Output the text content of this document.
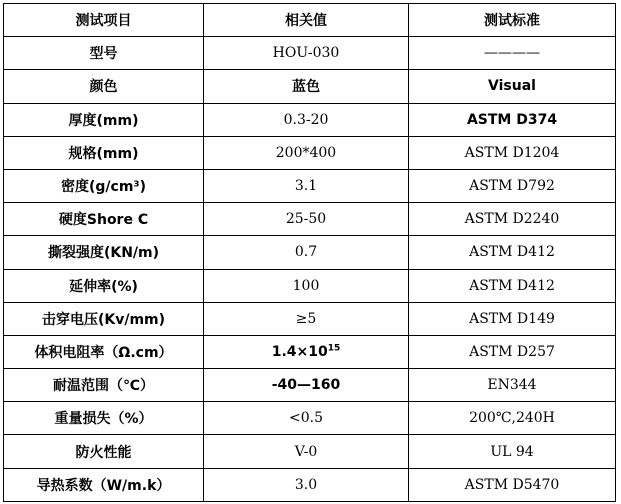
测试项目	相关值	测试标准
型号	HOU-030	————
颜色	蓝色	Visual
厚度(mm)	0.3-20	ASTM D374
规格(mm)	200*400	ASTM D1204
密度(g/cm³)	3.1	ASTM D792
硬度Shore C	25-50	ASTM D2240
撕裂强度(KN/m)	0.7	ASTM D412
延伸率(%)	100	ASTM D412
击穿电压(Kv/mm)	≥5	ASTM D149
体积电阻率（Ω.cm）	$1.4\times 10^{15}$	ASTM D257
耐温范围（℃）	-40—160	EN344
重量损失（%）	<0.5	200℃,240H
防火性能	V-0	UL 94
导热系数（W/m.k）	3.0	ASTM D5470
